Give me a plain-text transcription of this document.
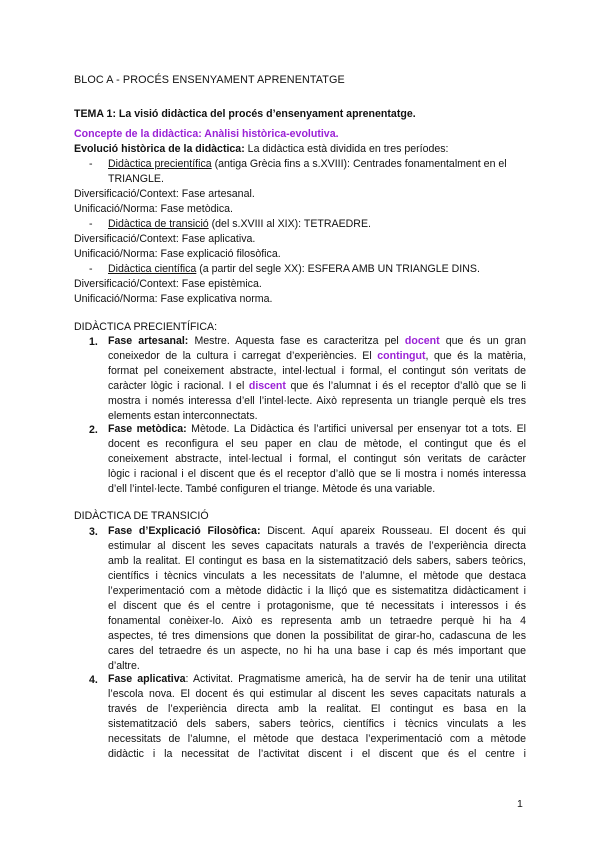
BLOC A - PROCÉS ENSENYAMENT APRENENTATGE
TEMA 1: La visió didàctica del procés d’ensenyament aprenentatge.
Concepte de la didàctica: Anàlisi històrica-evolutiva.
Evolució històrica de la didàctica: La didàctica està dividida en tres períodes:
- Didàctica precientífica (antiga Grècia fins a s.XVIII): Centrades fonamentalment en el
TRIANGLE.
Diversificació/Context: Fase artesanal.
Unificació/Norma: Fase metòdica.
- Didàctica de transició (del s.XVIII al XIX): TETRAEDRE.
Diversificació/Context: Fase aplicativa.
Unificació/Norma: Fase explicació filosòfica.
- Didàctica científica (a partir del segle XX): ESFERA AMB UN TRIANGLE DINS.
Diversificació/Context: Fase epistèmica.
Unificació/Norma: Fase explicativa norma.
DIDÀCTICA PRECIENTÍFICA:
1. Fase artesanal: Mestre. Aquesta fase es caracteritza pel docent que és un gran
coneixedor de la cultura i carregat d’experiències. El contingut, que és la matèria,
format pel coneixement abstracte, intel·lectual i formal, el contingut són veritats de
caràcter lògic i racional. I el discent que és l’alumnat i és el receptor d’allò que se li
mostra i només interessa d’ell l’intel·lecte. Això representa un triangle perquè els tres
elements estan interconnectats.
2. Fase metòdica: Mètode. La Didàctica és l’artifici universal per ensenyar tot a tots. El
docent es reconfigura el seu paper en clau de mètode, el contingut que és el
coneixement abstracte, intel·lectual i formal, el contingut són veritats de caràcter
lògic i racional i el discent que és el receptor d’allò que se li mostra i només interessa
d’ell l’intel·lecte. També configuren el triange. Mètode és una variable.
DIDÀCTICA DE TRANSICIÓ
3. Fase d’Explicació Filosòfica: Discent. Aquí apareix Rousseau. El docent és qui
estimular al discent les seves capacitats naturals a través de l’experiència directa
amb la realitat. El contingut es basa en la sistematització dels sabers, sabers teòrics,
científics i tècnics vinculats a les necessitats de l’alumne, el mètode que destaca
l’experimentació com a mètode didàctic i la lliçó que es sistematitza didàcticament i
el discent que és el centre i protagonisme, que té necessitats i interessos i és
fonamental conèixer-lo. Això es representa amb un tetraedre perquè hi ha 4
aspectes, té tres dimensions que donen la possibilitat de girar-ho, cadascuna de les
cares del tetraedre és un aspecte, no hi ha una base i cap és més important que
d’altre.
4. Fase aplicativa: Activitat. Pragmatisme americà, ha de servir ha de tenir una utilitat
l’escola nova. El docent és qui estimular al discent les seves capacitats naturals a
través de l’experiència directa amb la realitat. El contingut es basa en la
sistematització dels sabers, sabers teòrics, científics i tècnics vinculats a les
necessitats de l’alumne, el mètode que destaca l’experimentació com a mètode
didàctic i la necessitat de l’activitat discent i el discent que és el centre i
1
